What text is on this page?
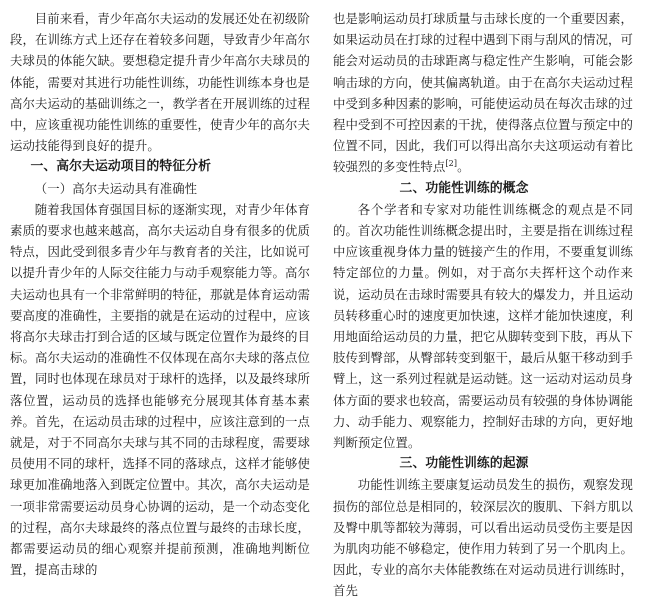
目前来看，青少年高尔夫运动的发展还处在初级阶段，在训练方式上还存在着较多问题，导致青少年高尔夫球员的体能欠缺。要想稳定提升青少年高尔夫球员的体能，需要对其进行功能性训练，功能性训练本身也是高尔夫运动的基础训练之一，教学者在开展训练的过程中，应该重视功能性训练的重要性，使青少年的高尔夫运动技能得到良好的提升。

一、高尔夫运动项目的特征分析

（一）高尔夫运动具有准确性

随着我国体育强国目标的逐渐实现，对青少年体育素质的要求也越来越高，高尔夫运动自身有很多的优质特点，因此受到很多青少年与教育者的关注，比如说可以提升青少年的人际交往能力与动手观察能力等。高尔夫运动也具有一个非常鲜明的特征，那就是体育运动需要高度的准确性，主要指的就是在运动的过程中，应该将高尔夫球击打到合适的区域与既定位置作为最终的目标。高尔夫运动的准确性不仅体现在高尔夫球的落点位置，同时也体现在球员对于球杆的选择，以及最终球所落位置，运动员的选择也能够充分展现其体育基本素养。首先，在运动员击球的过程中，应该注意到的一点就是，对于不同高尔夫球与其不同的击球程度，需要球员使用不同的球杆，选择不同的落球点，这样才能够使球更加准确地落入到既定位置中。其次，高尔夫运动是一项非常需要运动员身心协调的运动，是一个动态变化的过程，高尔夫球最终的落点位置与最终的击球长度，都需要运动员的细心观察并提前预测，准确地判断位置，提高击球的

也是影响运动员打球质量与击球长度的一个重要因素，如果运动员在打球的过程中遇到下雨与刮风的情况，可能会对运动员的击球距离与稳定性产生影响，可能会影响击球的方向，使其偏离轨道。由于在高尔夫运动过程中受到多种因素的影响，可能使运动员在每次击球的过程中受到不可控因素的干扰，使得落点位置与预定中的位置不同，因此，我们可以得出高尔夫这项运动有着比较强烈的多变性特点[2]。

二、功能性训练的概念

各个学者和专家对功能性训练概念的观点是不同的。首次功能性训练概念提出时，主要是指在训练过程中应该重视身体力量的链接产生的作用，不要重复训练特定部位的力量。例如，对于高尔夫挥杆这个动作来说，运动员在击球时需要具有较大的爆发力，并且运动员转移重心时的速度更加快速，这样才能加快速度，利用地面给运动员的力量，把它从脚转变到下肢，再从下肢传到臀部，从臀部转变到躯干，最后从躯干移动到手臂上，这一系列过程就是运动链。这一运动对运动员身体方面的要求也较高，需要运动员有较强的身体协调能力、动手能力、观察能力，控制好击球的方向，更好地判断预定位置。

三、功能性训练的起源

功能性训练主要康复运动员发生的损伤，观察发现损伤的部位总是相同的，较深层次的腹肌、下斜方肌以及臀中肌等都较为薄弱，可以看出运动员受伤主要是因为肌肉功能不够稳定，使作用力转到了另一个肌肉上。因此，专业的高尔夫体能教练在对运动员进行训练时，首先
